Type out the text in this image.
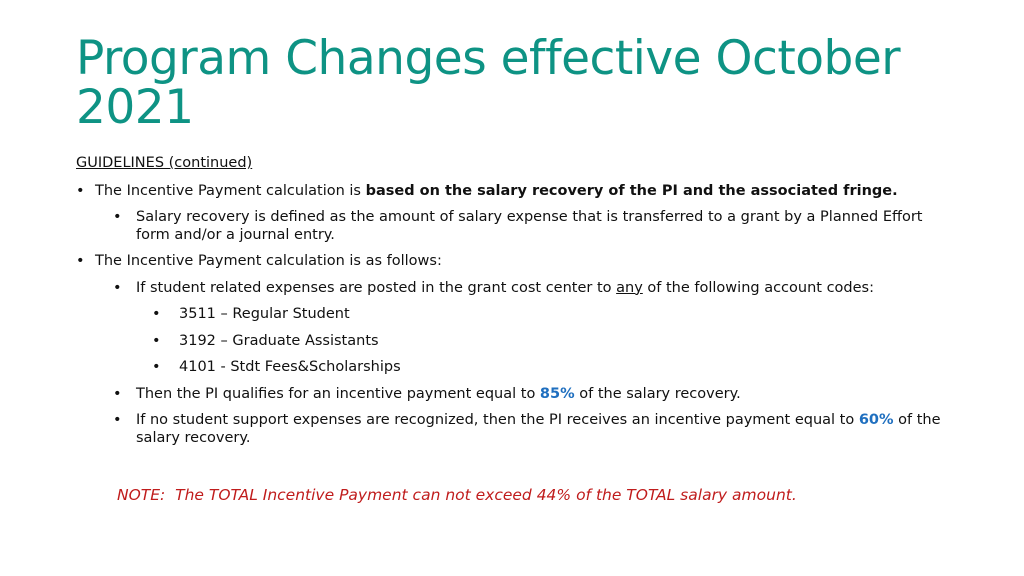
Program Changes effective October 2021
GUIDELINES (continued)
• The Incentive Payment calculation is based on the salary recovery of the PI and the associated fringe.
• Salary recovery is defined as the amount of salary expense that is transferred to a grant by a Planned Effort form and/or a journal entry.
• The Incentive Payment calculation is as follows:
• If student related expenses are posted in the grant cost center to any of the following account codes:
• 3511 – Regular Student
• 3192 – Graduate Assistants
• 4101 - Stdt Fees&Scholarships
• Then the PI qualifies for an incentive payment equal to 85% of the salary recovery.
• If no student support expenses are recognized, then the PI receives an incentive payment equal to 60% of the salary recovery.
NOTE:  The TOTAL Incentive Payment can not exceed 44% of the TOTAL salary amount.
